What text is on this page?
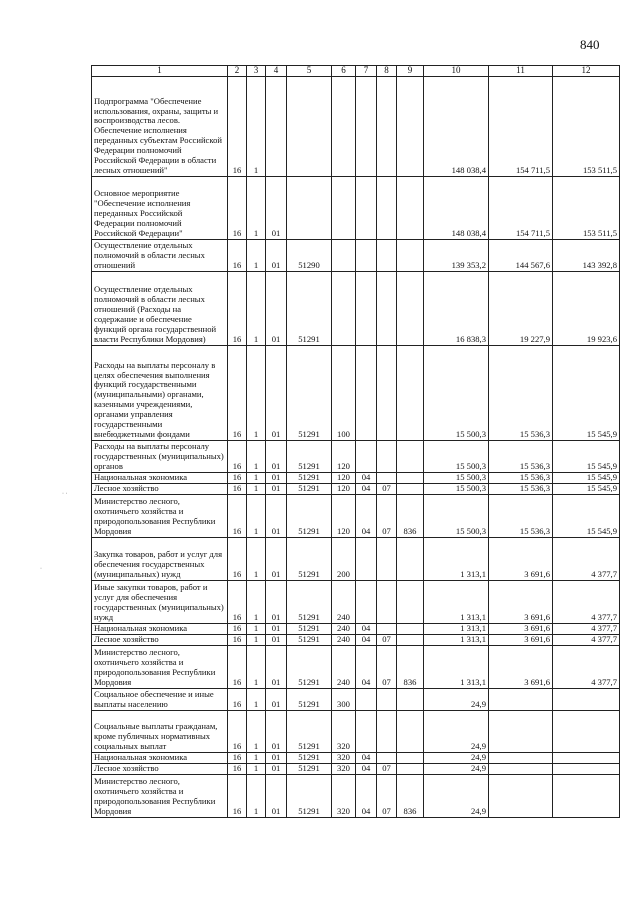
840
1	2	3	4	5	6	7	8	9	10	11	12
Подпрограмма "Обеспечение использования, охраны, защиты и воспроизводства лесов. Обеспечение исполнения переданных субъектам Российской Федерации полномочий Российской Федерации в области лесных отношений"	16	1							148 038,4	154 711,5	153 511,5
Основное мероприятие "Обеспечение исполнения переданных Российской Федерации полномочий Российской Федерации"	16	1	01						148 038,4	154 711,5	153 511,5
Осуществление отдельных полномочий в области лесных отношений	16	1	01	51290					139 353,2	144 567,6	143 392,8
Осуществление отдельных полномочий в области лесных отношений (Расходы на содержание и обеспечение функций органа государственной власти Республики Мордовия)	16	1	01	51291					16 838,3	19 227,9	19 923,6
Расходы на выплаты персоналу в целях обеспечения выполнения функций государственными (муниципальными) органами, казенными учреждениями, органами управления государственными внебюджетными фондами	16	1	01	51291	100				15 500,3	15 536,3	15 545,9
Расходы на выплаты персоналу государственных (муниципальных) органов	16	1	01	51291	120				15 500,3	15 536,3	15 545,9
Национальная экономика	16	1	01	51291	120	04			15 500,3	15 536,3	15 545,9
Лесное хозяйство	16	1	01	51291	120	04	07		15 500,3	15 536,3	15 545,9
Министерство лесного, охотничьего хозяйства и природопользования Республики Мордовия	16	1	01	51291	120	04	07	836	15 500,3	15 536,3	15 545,9
Закупка товаров, работ и услуг для обеспечения государственных (муниципальных) нужд	16	1	01	51291	200				1 313,1	3 691,6	4 377,7
Иные закупки товаров, работ и услуг для обеспечения государственных (муниципальных) нужд	16	1	01	51291	240				1 313,1	3 691,6	4 377,7
Национальная экономика	16	1	01	51291	240	04			1 313,1	3 691,6	4 377,7
Лесное хозяйство	16	1	01	51291	240	04	07		1 313,1	3 691,6	4 377,7
Министерство лесного, охотничьего хозяйства и природопользования Республики Мордовия	16	1	01	51291	240	04	07	836	1 313,1	3 691,6	4 377,7
Социальное обеспечение и иные выплаты населению	16	1	01	51291	300				24,9		
Социальные выплаты гражданам, кроме публичных нормативных социальных выплат	16	1	01	51291	320				24,9		
Национальная экономика	16	1	01	51291	320	04			24,9		
Лесное хозяйство	16	1	01	51291	320	04	07		24,9		
Министерство лесного, охотничьего хозяйства и природопользования Республики Мордовия	16	1	01	51291	320	04	07	836	24,9		
· ·
·
